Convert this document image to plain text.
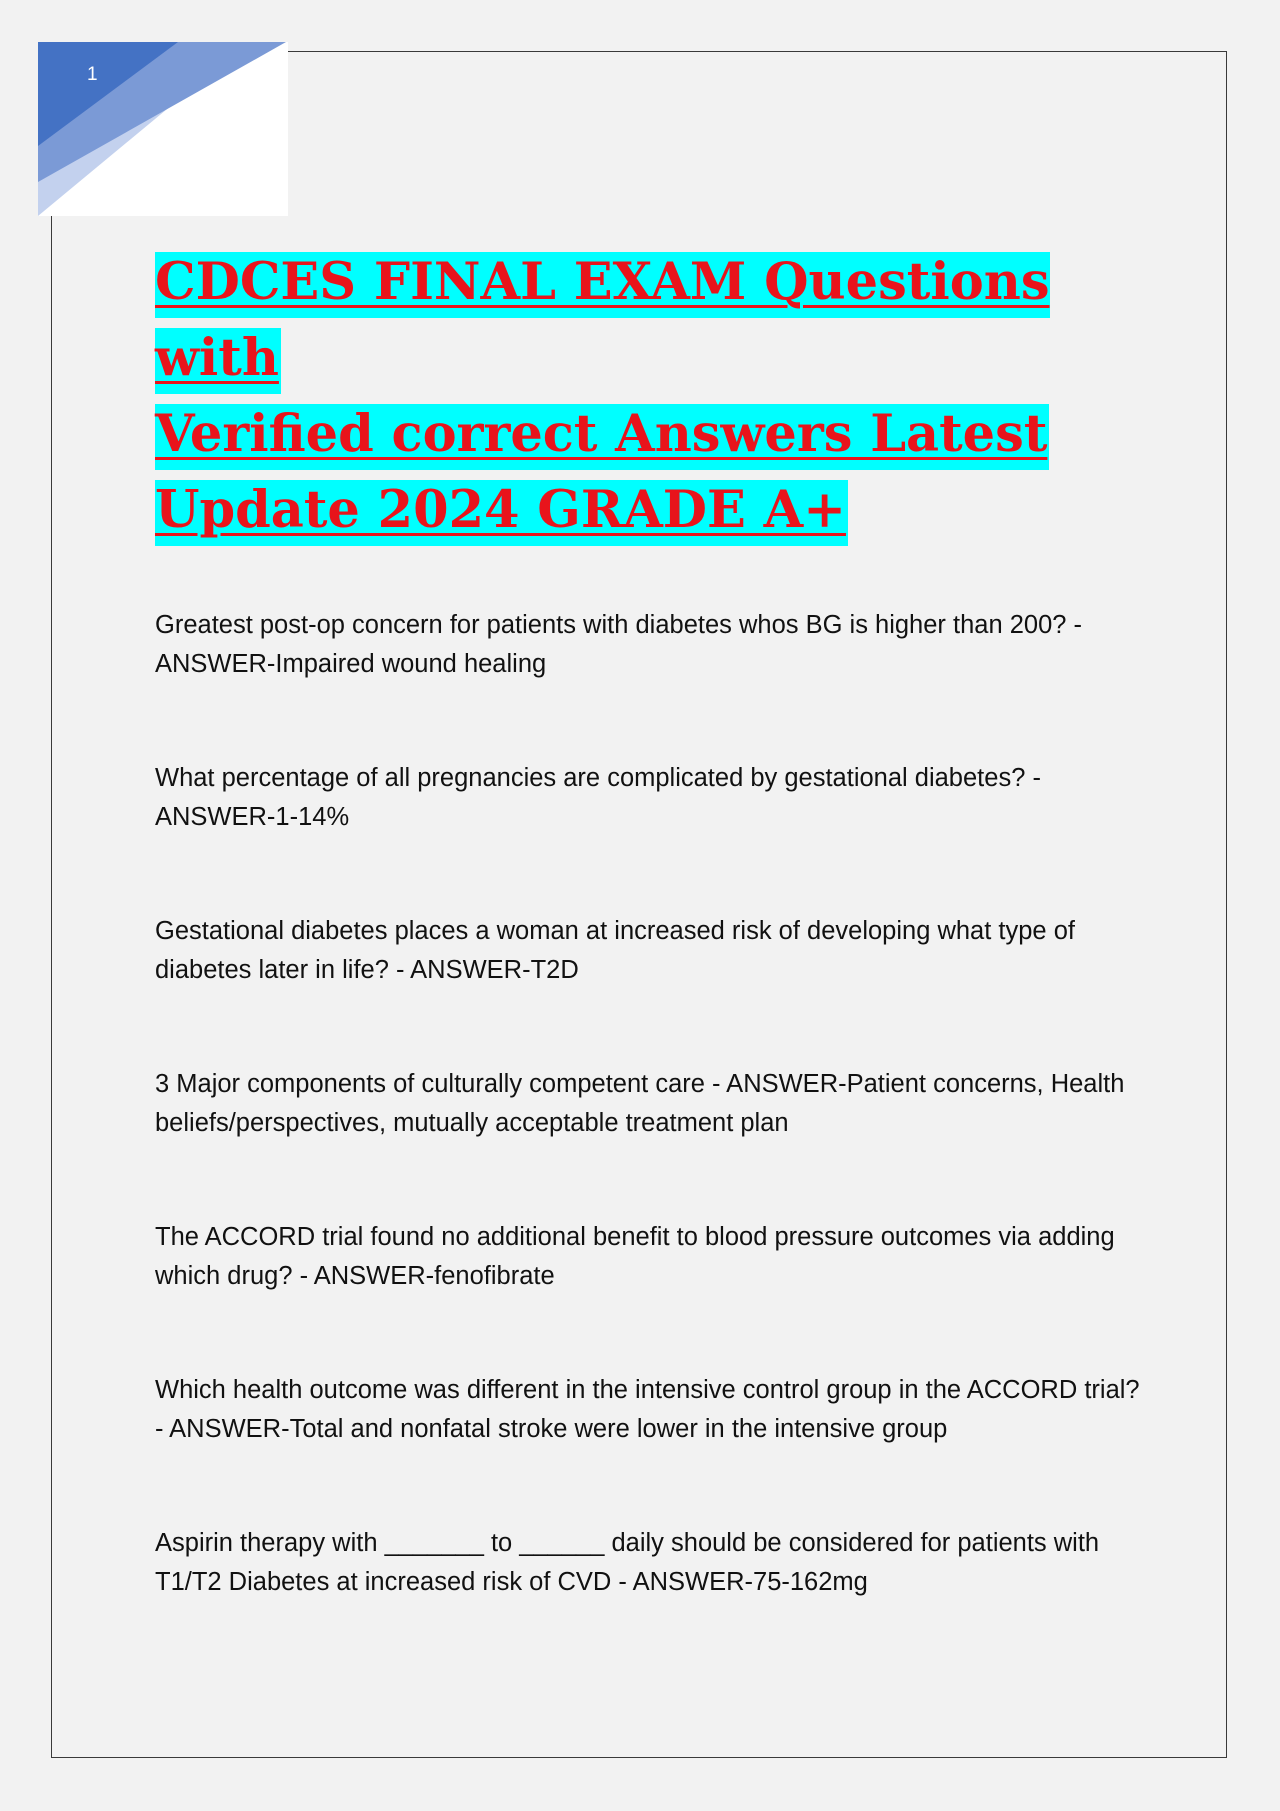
1
CDCES FINAL EXAM Questions with
Verified correct Answers Latest
Update 2024 GRADE A+
Greatest post-op concern for patients with diabetes whos BG is higher than 200? - ANSWER-Impaired wound healing
What percentage of all pregnancies are complicated by gestational diabetes? - ANSWER-1-14%
Gestational diabetes places a woman at increased risk of developing what type of diabetes later in life? - ANSWER-T2D
3 Major components of culturally competent care - ANSWER-Patient concerns, Health beliefs/perspectives, mutually acceptable treatment plan
The ACCORD trial found no additional benefit to blood pressure outcomes via adding which drug? - ANSWER-fenofibrate
Which health outcome was different in the intensive control group in the ACCORD trial? - ANSWER-Total and nonfatal stroke were lower in the intensive group
Aspirin therapy with _______ to ______ daily should be considered for patients with T1/T2 Diabetes at increased risk of CVD - ANSWER-75-162mg
